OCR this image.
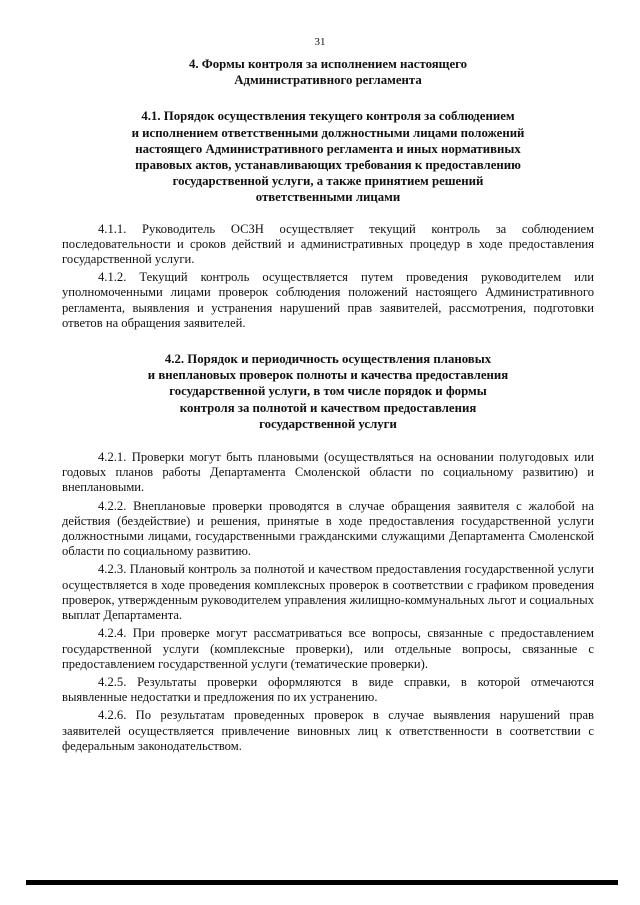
31
4. Формы контроля за исполнением настоящего
Административного регламента
4.1. Порядок осуществления текущего контроля за соблюдением
и исполнением ответственными должностными лицами положений
настоящего Административного регламента и иных нормативных
правовых актов, устанавливающих требования к предоставлению
государственной услуги, а также принятием решений
ответственными лицами

4.1.1. Руководитель ОСЗН осуществляет текущий контроль за соблюдением последовательности и сроков действий и административных процедур в ходе предоставления государственной услуги.

4.1.2. Текущий контроль осуществляется путем проведения руководителем или уполномоченными лицами проверок соблюдения положений настоящего Административного регламента, выявления и устранения нарушений прав заявителей, рассмотрения, подготовки ответов на обращения заявителей.

4.2. Порядок и периодичность осуществления плановых
и внеплановых проверок полноты и качества предоставления
государственной услуги, в том числе порядок и формы
контроля за полнотой и качеством предоставления
государственной услуги

4.2.1. Проверки могут быть плановыми (осуществляться на основании полугодовых или годовых планов работы Департамента Смоленской области по социальному развитию) и внеплановыми.

4.2.2. Внеплановые проверки проводятся в случае обращения заявителя с жалобой на действия (бездействие) и решения, принятые в ходе предоставления государственной услуги должностными лицами, государственными гражданскими служащими Департамента Смоленской области по социальному развитию.

4.2.3. Плановый контроль за полнотой и качеством предоставления государственной услуги осуществляется в ходе проведения комплексных проверок в соответствии с графиком проведения проверок, утвержденным руководителем управления жилищно-коммунальных льгот и социальных выплат Департамента.

4.2.4. При проверке могут рассматриваться все вопросы, связанные с предоставлением государственной услуги (комплексные проверки), или отдельные вопросы, связанные с предоставлением государственной услуги (тематические проверки).

4.2.5. Результаты проверки оформляются в виде справки, в которой отмечаются выявленные недостатки и предложения по их устранению.

4.2.6. По результатам проведенных проверок в случае выявления нарушений прав заявителей осуществляется привлечение виновных лиц к ответственности в соответствии с федеральным законодательством.
